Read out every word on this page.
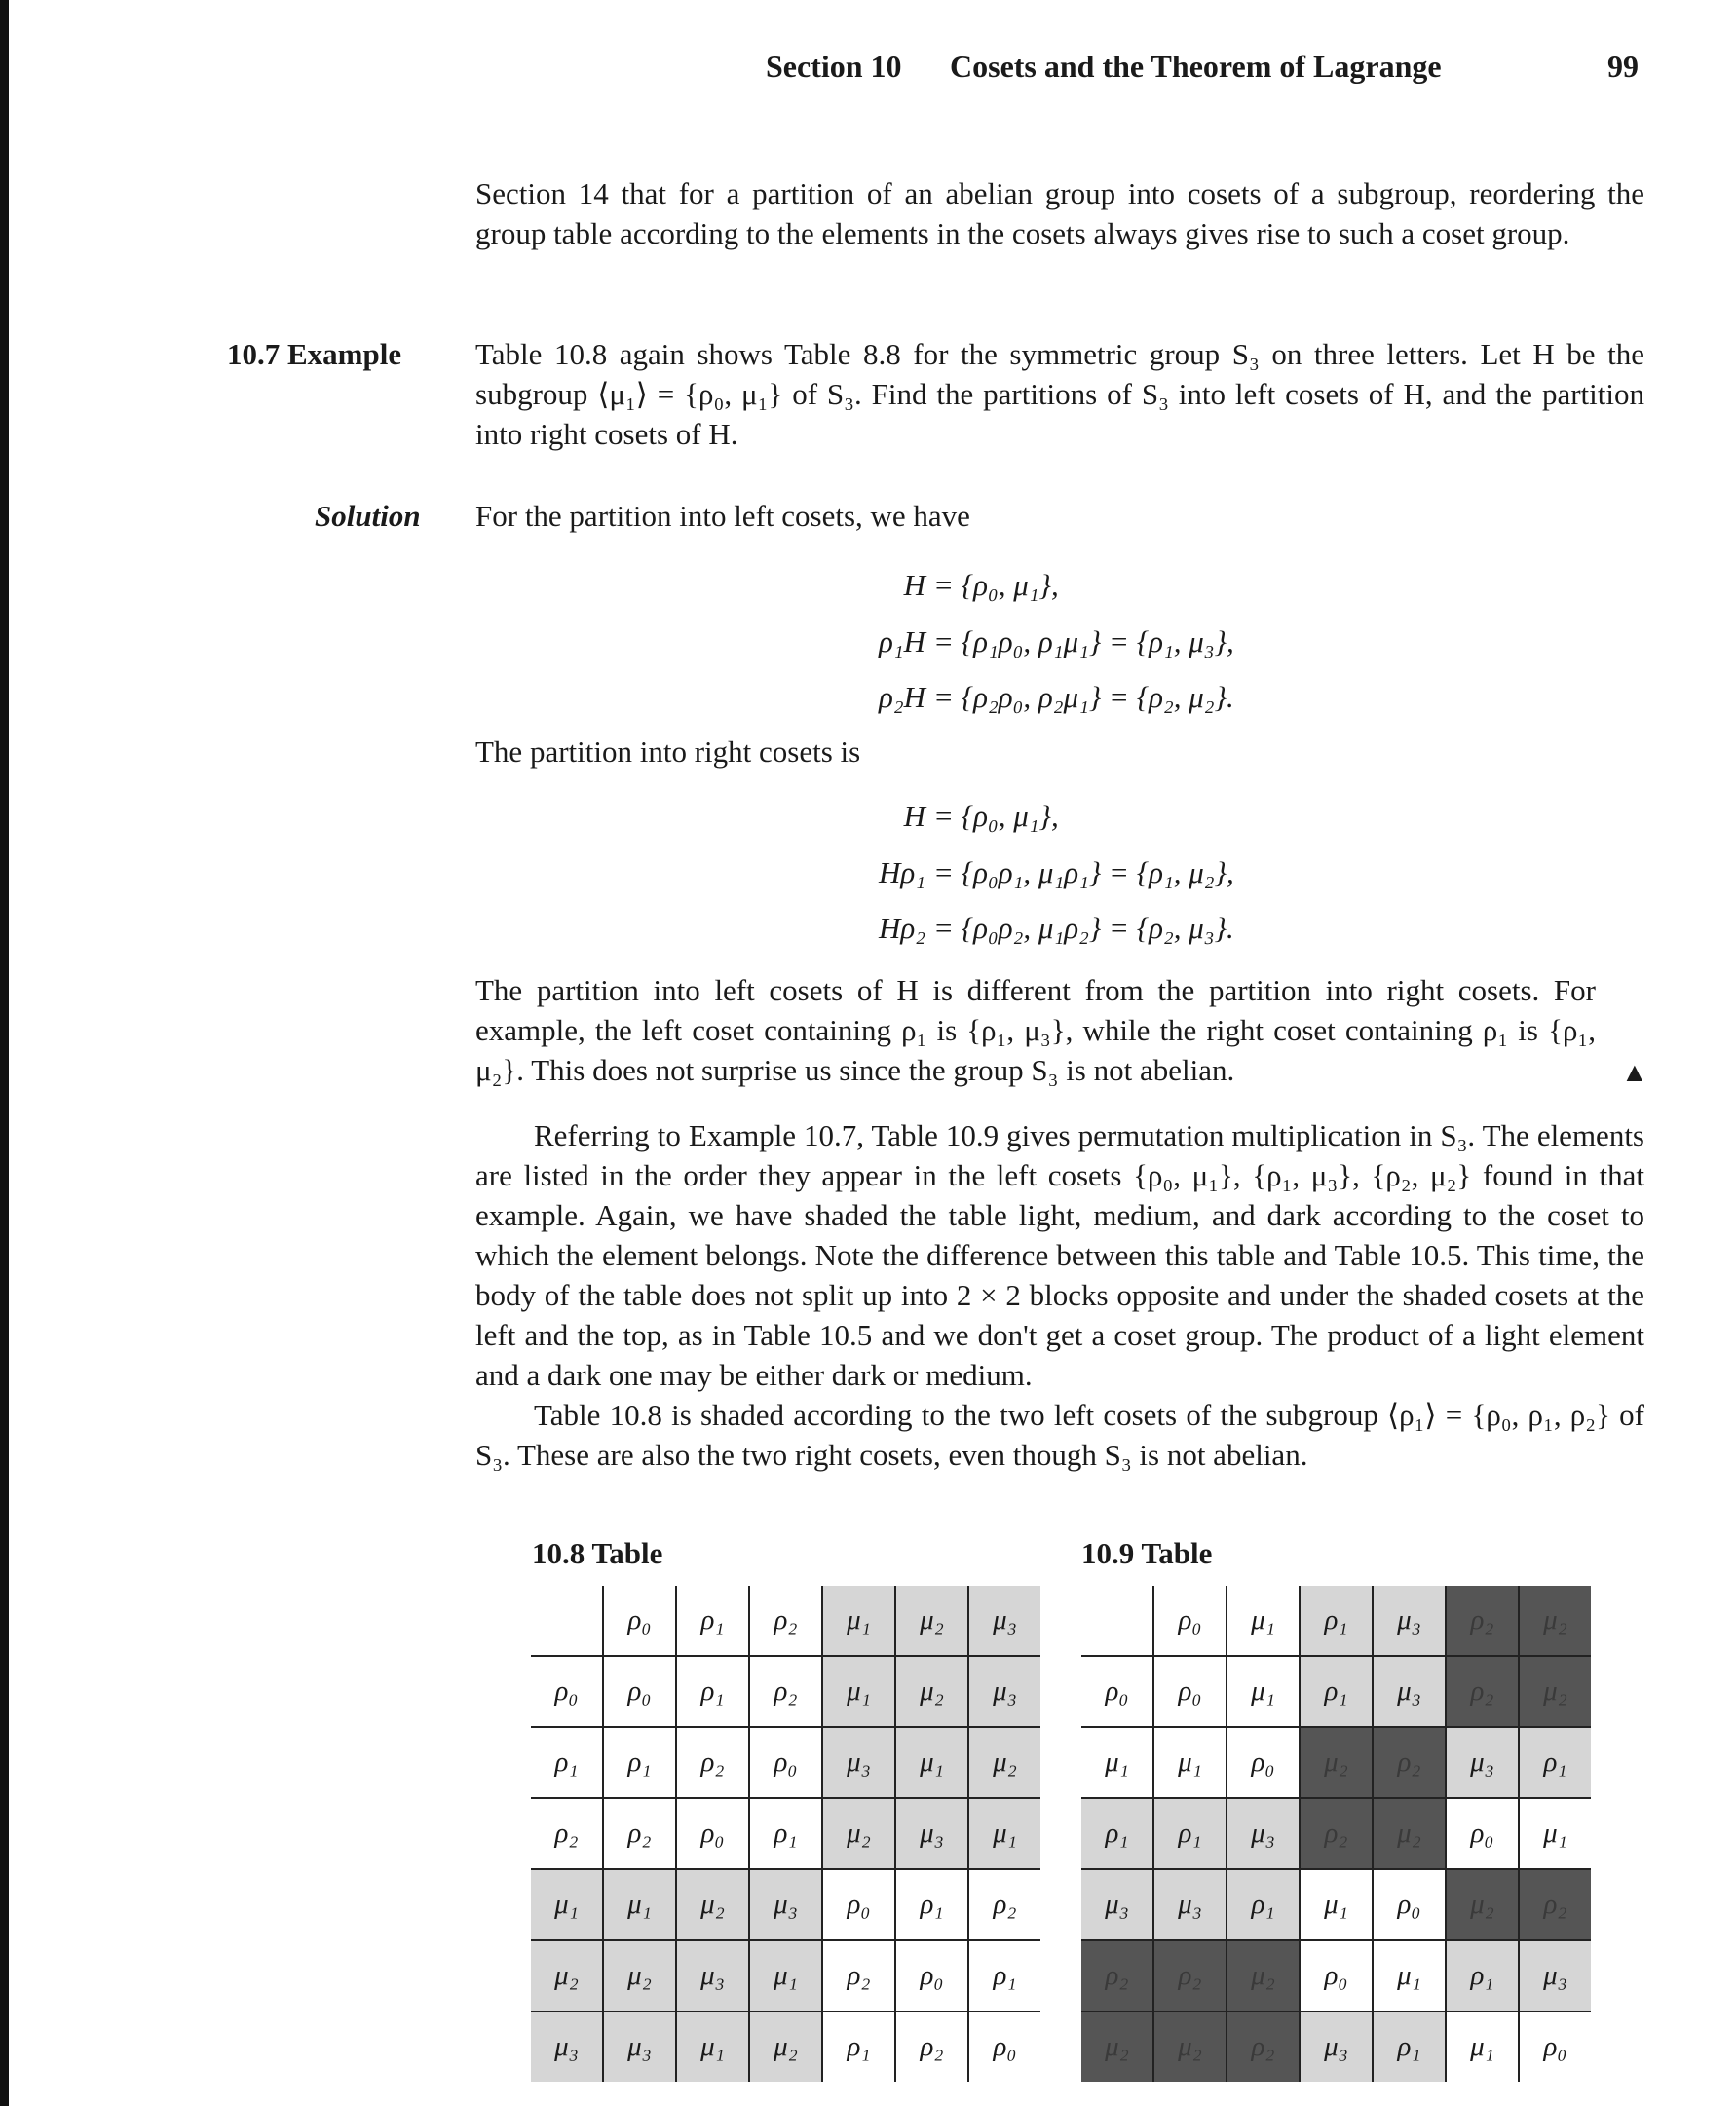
Section 10 Cosets and the Theorem of Lagrange	99
Section 14 that for a partition of an abelian group into cosets of a subgroup, reordering the group table according to the elements in the cosets always gives rise to such a coset group.
10.7 Example Table 10.8 again shows Table 8.8 for the symmetric group S₃ on three letters. Let H be the subgroup ⟨μ₁⟩ = {ρ₀, μ₁} of S₃. Find the partitions of S₃ into left cosets of H, and the partition into right cosets of H.
Solution For the partition into left cosets, we have
H = {ρ₀, μ₁},
ρ₁H = {ρ₁ρ₀, ρ₁μ₁} = {ρ₁, μ₃},
ρ₂H = {ρ₂ρ₀, ρ₂μ₁} = {ρ₂, μ₂}.
The partition into right cosets is
H = {ρ₀, μ₁},
Hρ₁ = {ρ₀ρ₁, μ₁ρ₁} = {ρ₁, μ₂},
Hρ₂ = {ρ₀ρ₂, μ₁ρ₂} = {ρ₂, μ₃}.
The partition into left cosets of H is different from the partition into right cosets. For example, the left coset containing ρ₁ is {ρ₁, μ₃}, while the right coset containing ρ₁ is {ρ₁, μ₂}. This does not surprise us since the group S₃ is not abelian.	▲
Referring to Example 10.7, Table 10.9 gives permutation multiplication in S₃. The elements are listed in the order they appear in the left cosets {ρ₀, μ₁}, {ρ₁, μ₃}, {ρ₂, μ₂} found in that example. Again, we have shaded the table light, medium, and dark according to the coset to which the element belongs. Note the difference between this table and Table 10.5. This time, the body of the table does not split up into 2 × 2 blocks opposite and under the shaded cosets at the left and the top, as in Table 10.5 and we don't get a coset group. The product of a light element and a dark one may be either dark or medium.
Table 10.8 is shaded according to the two left cosets of the subgroup ⟨ρ₁⟩ = {ρ₀, ρ₁, ρ₂} of S₃. These are also the two right cosets, even though S₃ is not abelian.
10.8 Table
	ρ₀	ρ₁	ρ₂	μ₁	μ₂	μ₃
ρ₀	ρ₀	ρ₁	ρ₂	μ₁	μ₂	μ₃
ρ₁	ρ₁	ρ₂	ρ₀	μ₃	μ₁	μ₂
ρ₂	ρ₂	ρ₀	ρ₁	μ₂	μ₃	μ₁
μ₁	μ₁	μ₂	μ₃	ρ₀	ρ₁	ρ₂
μ₂	μ₂	μ₃	μ₁	ρ₂	ρ₀	ρ₁
μ₃	μ₃	μ₁	μ₂	ρ₁	ρ₂	ρ₀
10.9 Table
	ρ₀	μ₁	ρ₁	μ₃	ρ₂	μ₂
ρ₀	ρ₀	μ₁	ρ₁	μ₃	ρ₂	μ₂
μ₁	μ₁	ρ₀	μ₂	ρ₂	μ₃	ρ₁
ρ₁	ρ₁	μ₃	ρ₂	μ₂	ρ₀	μ₁
μ₃	μ₃	ρ₁	μ₁	ρ₀	μ₂	ρ₂
ρ₂	ρ₂	μ₂	ρ₀	μ₁	ρ₁	μ₃
μ₂	μ₂	ρ₂	μ₃	ρ₁	μ₁	ρ₀
